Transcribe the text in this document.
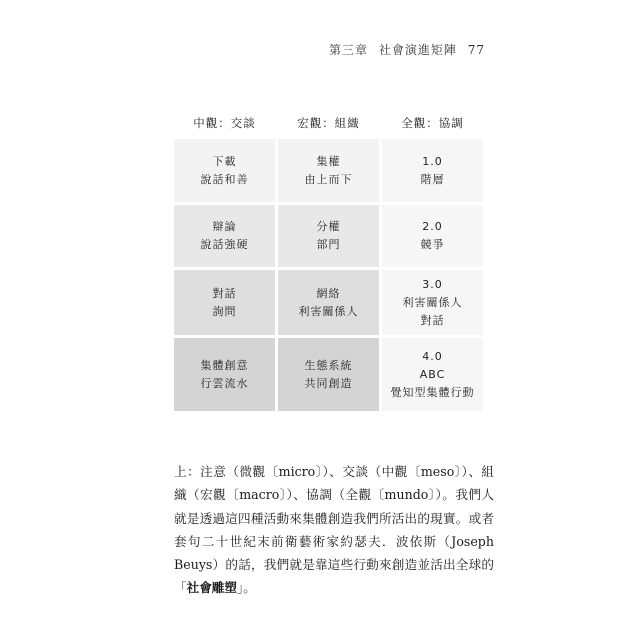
第三章 社會演進矩陣 77
中觀：交談	宏觀：組織	全觀：協調
下載
說話和善
集權
由上而下
1.0
階層
辯論
說話強硬
分權
部門
2.0
競爭
對話
詢問
網絡
利害關係人
3.0
利害關係人
對話
集體創意
行雲流水
生態系統
共同創造
4.0
ABC
覺知型集體行動

上：注意（微觀〔micro〕）、交談（中觀〔meso〕）、組織（宏觀〔macro〕）、協調（全觀〔mundo〕）。我們人就是透過這四種活動來集體創造我們所活出的現實。或者套句二十世紀末前衛藝術家約瑟夫．波依斯（Joseph Beuys）的話，我們就是靠這些行動來創造並活出全球的「社會雕塑」。
